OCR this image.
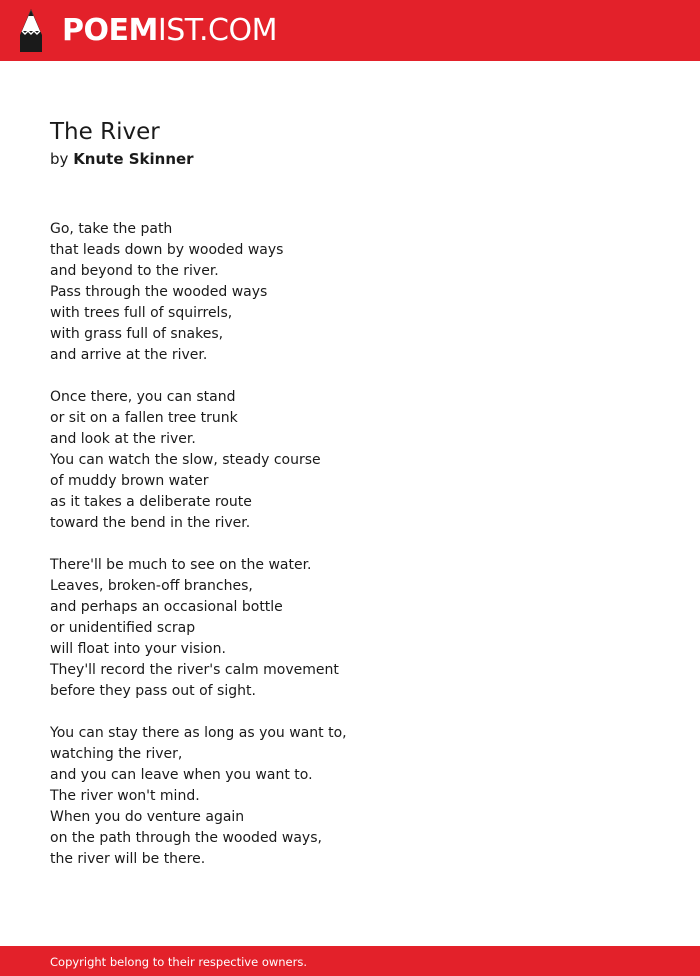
POEMIST.COM
The River
by Knute Skinner
Go, take the path
that leads down by wooded ways
and beyond to the river.
Pass through the wooded ways
with trees full of squirrels,
with grass full of snakes,
and arrive at the river.
Once there, you can stand
or sit on a fallen tree trunk
and look at the river.
You can watch the slow, steady course
of muddy brown water
as it takes a deliberate route
toward the bend in the river.
There'll be much to see on the water.
Leaves, broken-off branches,
and perhaps an occasional bottle
or unidentified scrap
will float into your vision.
They'll record the river's calm movement
before they pass out of sight.
You can stay there as long as you want to,
watching the river,
and you can leave when you want to.
The river won't mind.
When you do venture again
on the path through the wooded ways,
the river will be there.
Copyright belong to their respective owners.
